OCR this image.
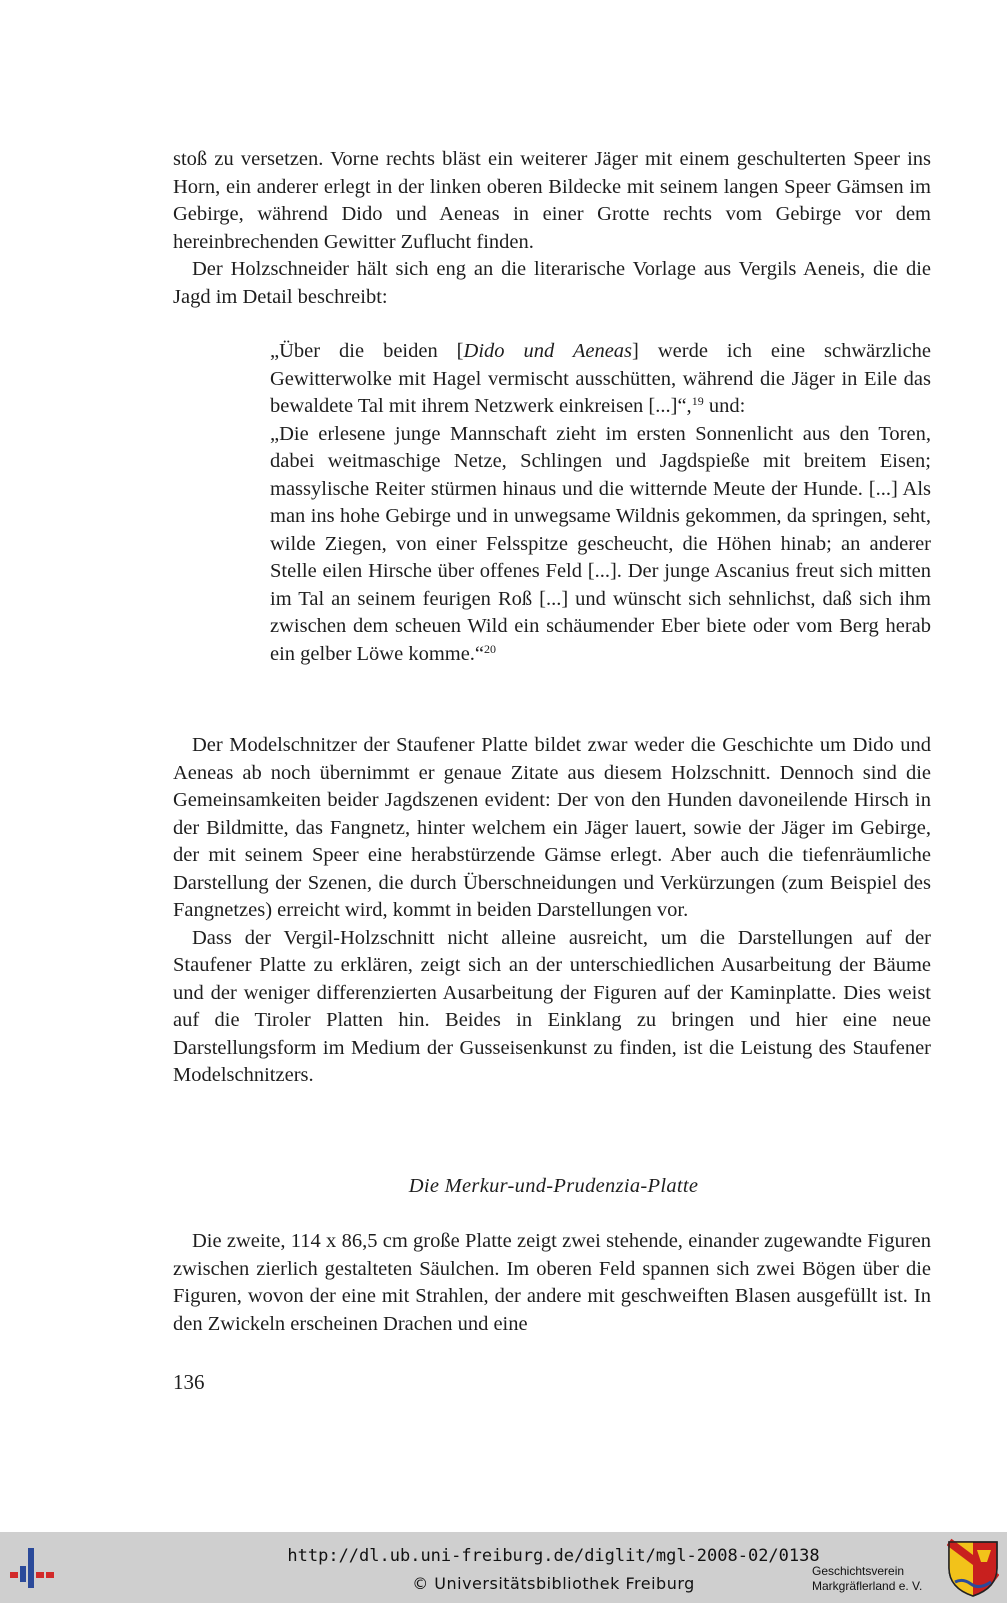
stoß zu versetzen. Vorne rechts bläst ein weiterer Jäger mit einem geschulterten Speer ins Horn, ein anderer erlegt in der linken oberen Bildecke mit seinem langen Speer Gämsen im Gebirge, während Dido und Aeneas in einer Grotte rechts vom Gebirge vor dem hereinbrechenden Gewitter Zuflucht finden.

Der Holzschneider hält sich eng an die literarische Vorlage aus Vergils Aeneis, die die Jagd im Detail beschreibt:

„Über die beiden [Dido und Aeneas] werde ich eine schwärzliche Gewitterwolke mit Hagel vermischt ausschütten, während die Jäger in Eile das bewaldete Tal mit ihrem Netzwerk einkreisen [...]“,$^{19}$ und:

„Die erlesene junge Mannschaft zieht im ersten Sonnenlicht aus den Toren, dabei weitmaschige Netze, Schlingen und Jagdspieße mit breitem Eisen; massylische Reiter stürmen hinaus und die witternde Meute der Hunde. [...] Als man ins hohe Gebirge und in unwegsame Wildnis gekommen, da springen, seht, wilde Ziegen, von einer Felsspitze gescheucht, die Höhen hinab; an anderer Stelle eilen Hirsche über offenes Feld [...]. Der junge Ascanius freut sich mitten im Tal an seinem feurigen Roß [...] und wünscht sich sehnlichst, daß sich ihm zwischen dem scheuen Wild ein schäumender Eber biete oder vom Berg herab ein gelber Löwe komme.“$^{20}$

Der Modelschnitzer der Staufener Platte bildet zwar weder die Geschichte um Dido und Aeneas ab noch übernimmt er genaue Zitate aus diesem Holzschnitt. Dennoch sind die Gemeinsamkeiten beider Jagdszenen evident: Der von den Hunden davoneilende Hirsch in der Bildmitte, das Fangnetz, hinter welchem ein Jäger lauert, sowie der Jäger im Gebirge, der mit seinem Speer eine herabstürzende Gämse erlegt. Aber auch die tiefenräumliche Darstellung der Szenen, die durch Überschneidungen und Verkürzungen (zum Beispiel des Fangnetzes) erreicht wird, kommt in beiden Darstellungen vor.

Dass der Vergil-Holzschnitt nicht alleine ausreicht, um die Darstellungen auf der Staufener Platte zu erklären, zeigt sich an der unterschiedlichen Ausarbeitung der Bäume und der weniger differenzierten Ausarbeitung der Figuren auf der Kaminplatte. Dies weist auf die Tiroler Platten hin. Beides in Einklang zu bringen und hier eine neue Darstellungsform im Medium der Gusseisenkunst zu finden, ist die Leistung des Staufener Modelschnitzers.

Die Merkur-und-Prudenzia-Platte

Die zweite, 114 x 86,5 cm große Platte zeigt zwei stehende, einander zugewandte Figuren zwischen zierlich gestalteten Säulchen. Im oberen Feld spannen sich zwei Bögen über die Figuren, wovon der eine mit Strahlen, der andere mit geschweiften Blasen ausgefüllt ist. In den Zwickeln erscheinen Drachen und eine

136
http://dl.ub.uni-freiburg.de/diglit/mgl-2008-02/0138
© Universitätsbibliothek Freiburg
Geschichtsverein
Markgräflerland e. V.
